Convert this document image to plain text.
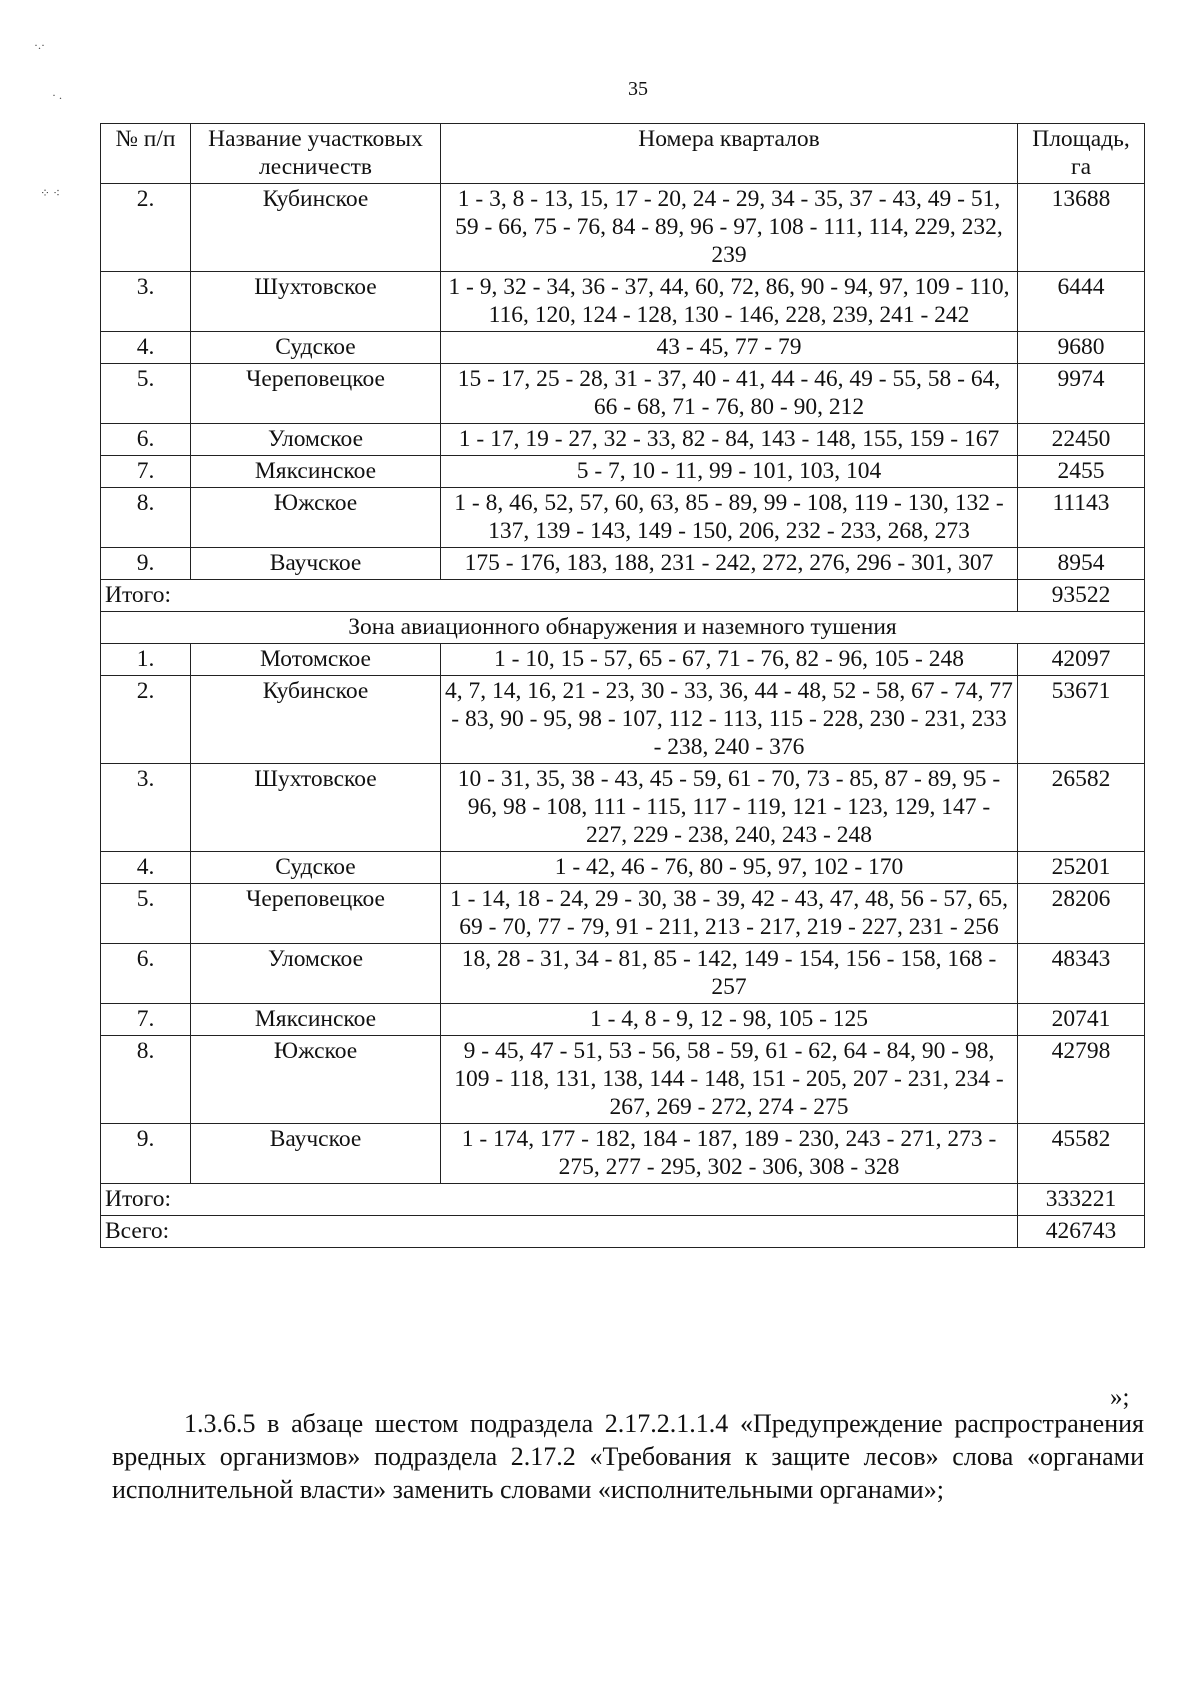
·.·
· .
⁘ ⁖
35
№ п/п	Название участковых лесничеств	Номера кварталов	Площадь, га
2.	Кубинское	1 - 3, 8 - 13, 15, 17 - 20, 24 - 29, 34 - 35, 37 - 43, 49 - 51, 59 - 66, 75 - 76, 84 - 89, 96 - 97, 108 - 111, 114, 229, 232, 239	13688
3.	Шухтовское	1 - 9, 32 - 34, 36 - 37, 44, 60, 72, 86, 90 - 94, 97, 109 - 110, 116, 120, 124 - 128, 130 - 146, 228, 239, 241 - 242	6444
4.	Судское	43 - 45, 77 - 79	9680
5.	Череповецкое	15 - 17, 25 - 28, 31 - 37, 40 - 41, 44 - 46, 49 - 55, 58 - 64, 66 - 68, 71 - 76, 80 - 90, 212	9974
6.	Уломское	1 - 17, 19 - 27, 32 - 33, 82 - 84, 143 - 148, 155, 159 - 167	22450
7.	Мяксинское	5 - 7, 10 - 11, 99 - 101, 103, 104	2455
8.	Южское	1 - 8, 46, 52, 57, 60, 63, 85 - 89, 99 - 108, 119 - 130, 132 - 137, 139 - 143, 149 - 150, 206, 232 - 233, 268, 273	11143
9.	Ваучское	175 - 176, 183, 188, 231 - 242, 272, 276, 296 - 301, 307	8954
Итого:			93522
Зона авиационного обнаружения и наземного тушения			
1.	Мотомское	1 - 10, 15 - 57, 65 - 67, 71 - 76, 82 - 96, 105 - 248	42097
2.	Кубинское	4, 7, 14, 16, 21 - 23, 30 - 33, 36, 44 - 48, 52 - 58, 67 - 74, 77 - 83, 90 - 95, 98 - 107, 112 - 113, 115 - 228, 230 - 231, 233 - 238, 240 - 376	53671
3.	Шухтовское	10 - 31, 35, 38 - 43, 45 - 59, 61 - 70, 73 - 85, 87 - 89, 95 - 96, 98 - 108, 111 - 115, 117 - 119, 121 - 123, 129, 147 - 227, 229 - 238, 240, 243 - 248	26582
4.	Судское	1 - 42, 46 - 76, 80 - 95, 97, 102 - 170	25201
5.	Череповецкое	1 - 14, 18 - 24, 29 - 30, 38 - 39, 42 - 43, 47, 48, 56 - 57, 65, 69 - 70, 77 - 79, 91 - 211, 213 - 217, 219 - 227, 231 - 256	28206
6.	Уломское	18, 28 - 31, 34 - 81, 85 - 142, 149 - 154, 156 - 158, 168 - 257	48343
7.	Мяксинское	1 - 4, 8 - 9, 12 - 98, 105 - 125	20741
8.	Южское	9 - 45, 47 - 51, 53 - 56, 58 - 59, 61 - 62, 64 - 84, 90 - 98, 109 - 118, 131, 138, 144 - 148, 151 - 205, 207 - 231, 234 - 267, 269 - 272, 274 - 275	42798
9.	Ваучское	1 - 174, 177 - 182, 184 - 187, 189 - 230, 243 - 271, 273 - 275, 277 - 295, 302 - 306, 308 - 328	45582
Итого:			333221
Всего:			426743
»;
1.3.6.5 в абзаце шестом подраздела 2.17.2.1.1.4 «Предупреждение распространения вредных организмов» подраздела 2.17.2 «Требования к защите лесов» слова «органами исполнительной власти» заменить словами «исполнительными органами»;
